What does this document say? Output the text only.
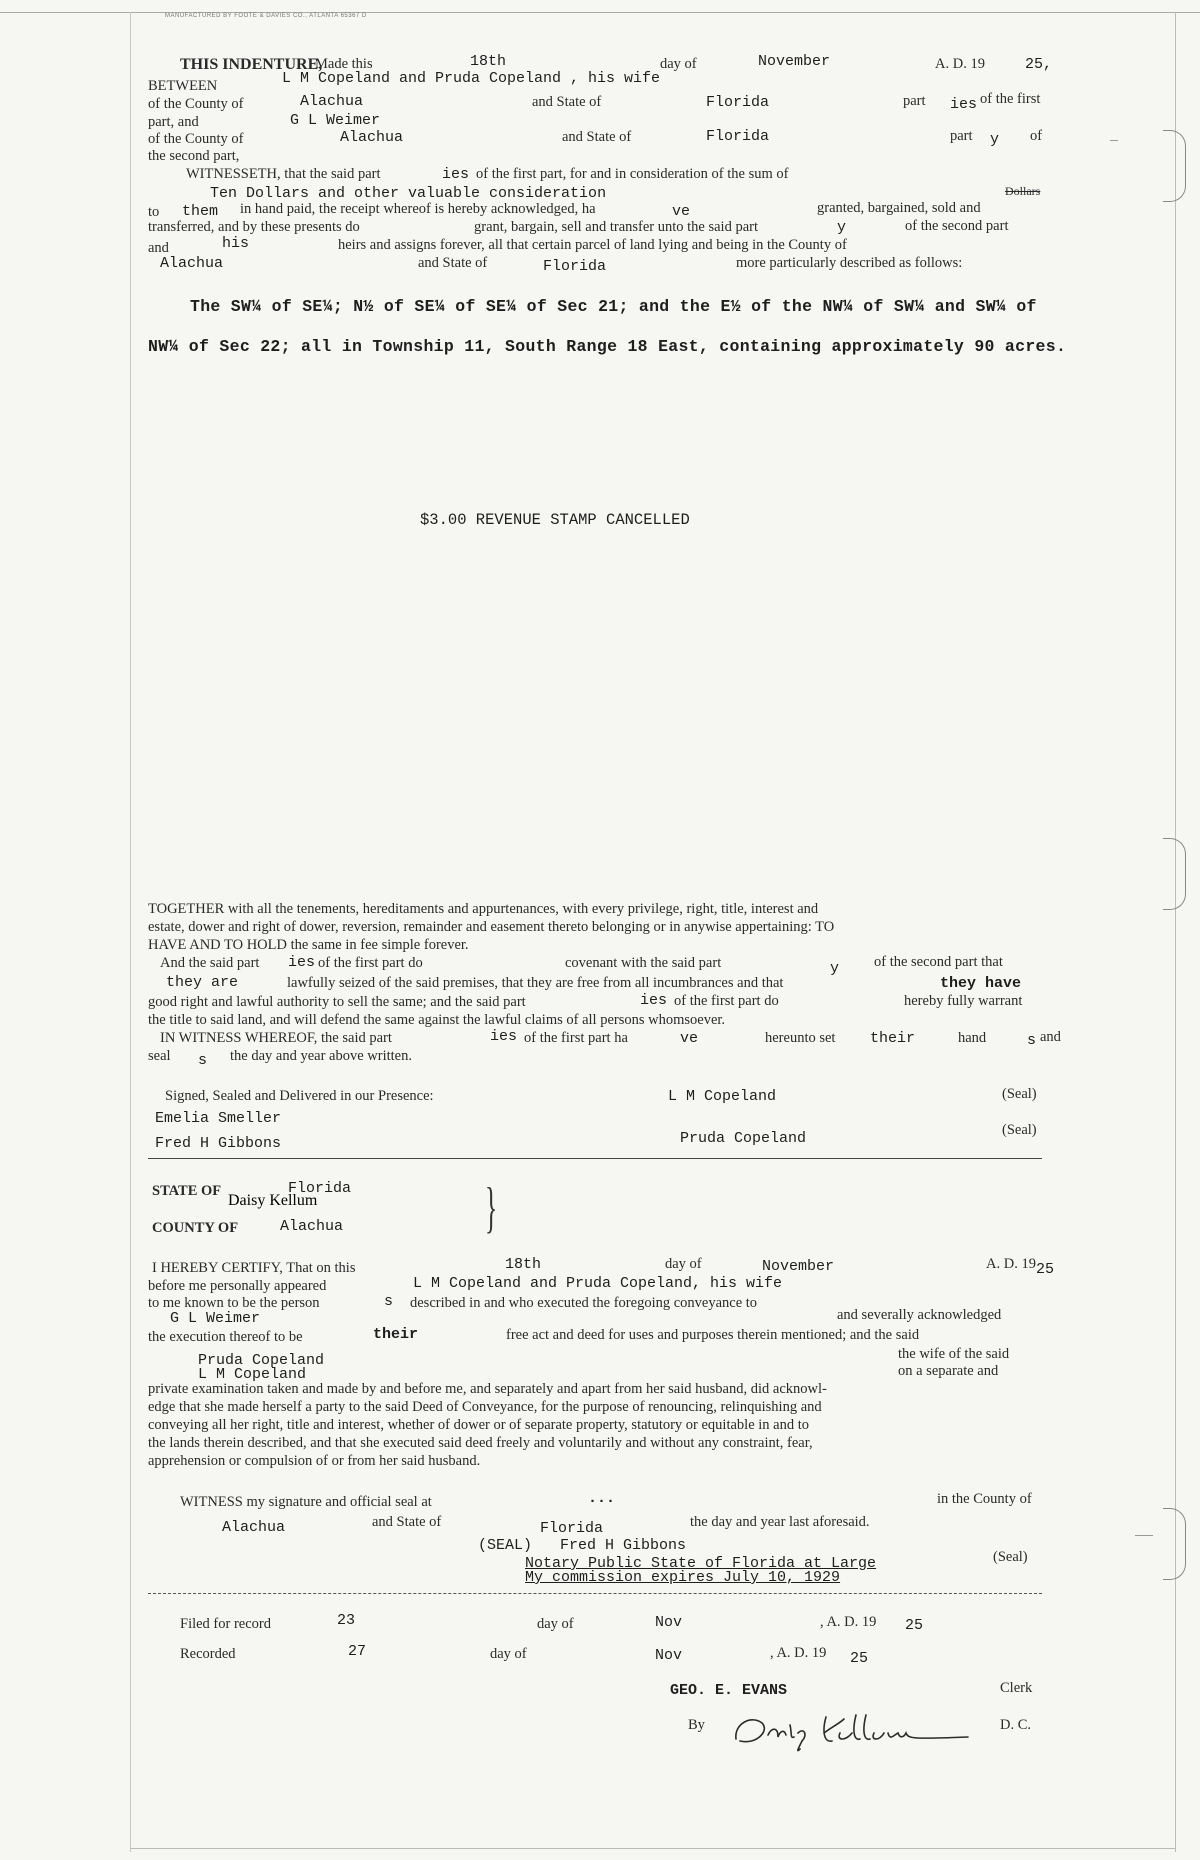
MANUFACTURED BY FOOTE & DAVIES CO., ATLANTA 65367 D
THIS INDENTURE,
Made this	18th	day of	November	A. D. 19	25,
BETWEEN	L M Copeland and Pruda Copeland , his wife
of the County of	Alachua	and State of	Florida	part ies of the first
part, and	G L Weimer
of the County of	Alachua	and State of	Florida	part y of
the second part,
WITNESSETH, that the said part	ies of the first part, for and in consideration of the sum of
Ten Dollars and other valuable consideration	Dollars
to them in hand paid, the receipt whereof is hereby acknowledged, ha	ve	granted, bargained, sold and
transferred, and by these presents do	grant, bargain, sell and transfer unto the said part	y	of the second part
and	his	heirs and assigns forever, all that certain parcel of land lying and being in the County of
Alachua	and State of	Florida	more particularly described as follows:
The SW¼ of SE¼; N½ of SE¼ of SE¼ of Sec 21; and the E½ of the NW¼ of SW¼ and SW¼ of
NW¼ of Sec 22; all in Township 11, South Range 18 East, containing approximately 90 acres.
$3.00 REVENUE STAMP CANCELLED
TOGETHER with all the tenements, hereditaments and appurtenances, with every privilege, right, title, interest and
estate, dower and right of dower, reversion, remainder and easement thereto belonging or in anywise appertaining: TO
HAVE AND TO HOLD the same in fee simple forever.
And the said part ies of the first part do	covenant with the said part	y of the second part that
they are	lawfully seized of the said premises, that they are free from all incumbrances and that	they have
good right and lawful authority to sell the same; and the said part	ies of the first part do	hereby fully warrant
the title to said land, and will defend the same against the lawful claims of all persons whomsoever.
IN WITNESS WHEREOF, the said part	ies of the first part ha	ve	hereunto set their	hand	s and
seal s the day and year above written.
Signed, Sealed and Delivered in our Presence:
Emelia Smeller
Fred H Gibbons
L M Copeland
Pruda Copeland
(Seal)
(Seal)
STATE OF	Florida
COUNTY OF	Alachua	}
I HEREBY CERTIFY, That on this	18th	day of	November	A. D. 19 25
before me personally appeared	L M Copeland and Pruda Copeland, his wife
to me known to be the person	s described in and who executed the foregoing conveyance to
G L Weimer	and severally acknowledged
the execution thereof to be	their	free act and deed for uses and purposes therein mentioned; and the said
Pruda Copeland	the wife of the said
L M Copeland	on a separate and
private examination taken and made by and before me, and separately and apart from her said husband, did acknowl-
edge that she made herself a party to the said Deed of Conveyance, for the purpose of renouncing, relinquishing and
conveying all her right, title and interest, whether of dower or of separate property, statutory or equitable in and to
the lands therein described, and that she executed said deed freely and voluntarily and without any constraint, fear,
apprehension or compulsion of or from her said husband.
WITNESS my signature and official seal at	...	in the County of
Alachua	and State of	Florida	the day and year last aforesaid.
(SEAL) Fred H Gibbons
Notary Public State of Florida at Large
My commission expires July 10, 1929
(Seal)
Filed for record	23	day of	Nov	, A. D. 19 25
Recorded	27	day of	Nov	, A. D. 19 25
GEO. E. EVANS	Clerk
By
Daisy Kellum
D. C.
